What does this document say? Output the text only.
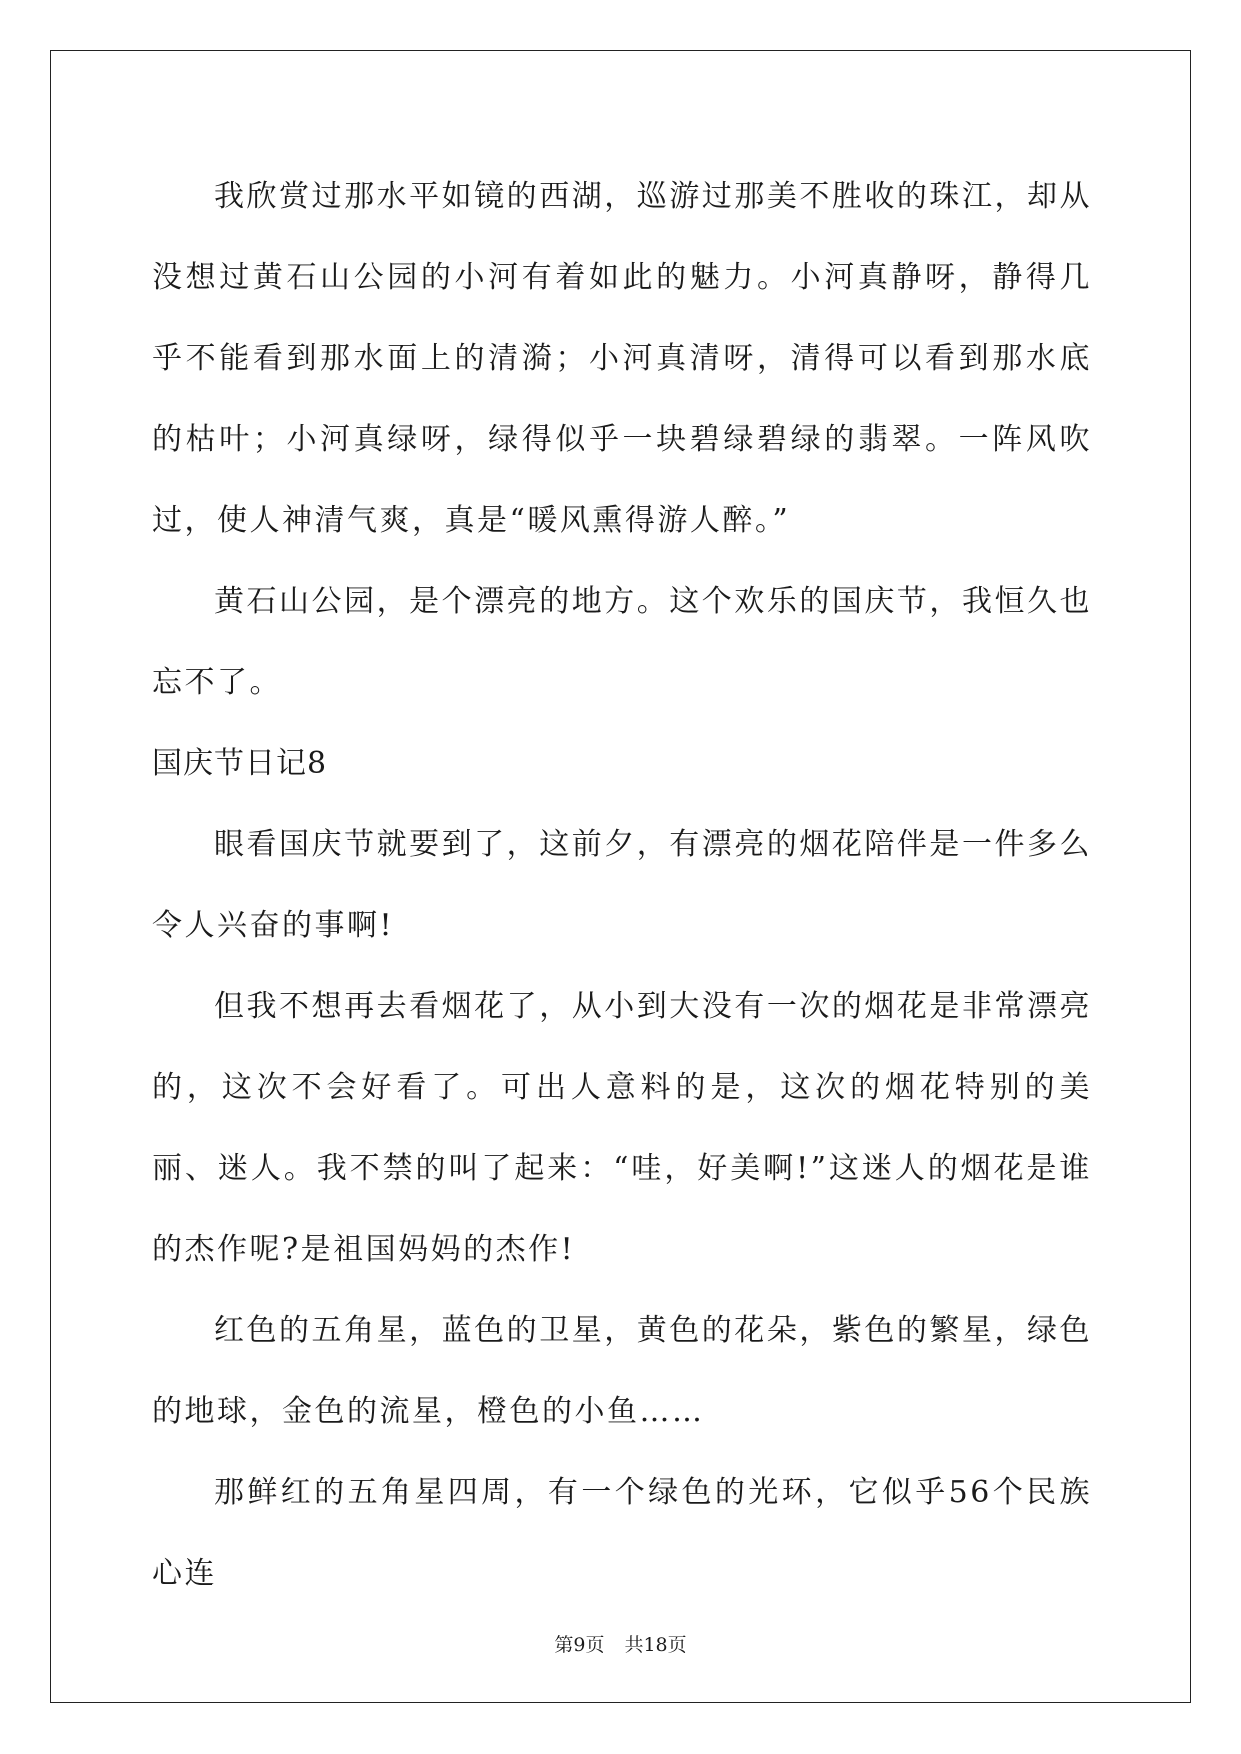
我欣赏过那水平如镜的西湖，巡游过那美不胜收的珠江，却从没想过黄石山公园的小河有着如此的魅力。小河真静呀，静得几乎不能看到那水面上的清漪；小河真清呀，清得可以看到那水底的枯叶；小河真绿呀，绿得似乎一块碧绿碧绿的翡翠。一阵风吹过，使人神清气爽，真是“暖风熏得游人醉。”

黄石山公园，是个漂亮的地方。这个欢乐的国庆节，我恒久也忘不了。

国庆节日记8

眼看国庆节就要到了，这前夕，有漂亮的烟花陪伴是一件多么令人兴奋的事啊!

但我不想再去看烟花了，从小到大没有一次的烟花是非常漂亮的，这次不会好看了。可出人意料的是，这次的烟花特别的美丽、迷人。我不禁的叫了起来：“哇，好美啊!”这迷人的烟花是谁的杰作呢?是祖国妈妈的杰作!

红色的五角星，蓝色的卫星，黄色的花朵，紫色的繁星，绿色的地球，金色的流星，橙色的小鱼……

那鲜红的五角星四周，有一个绿色的光环，它似乎56个民族心连

第9页 共18页
